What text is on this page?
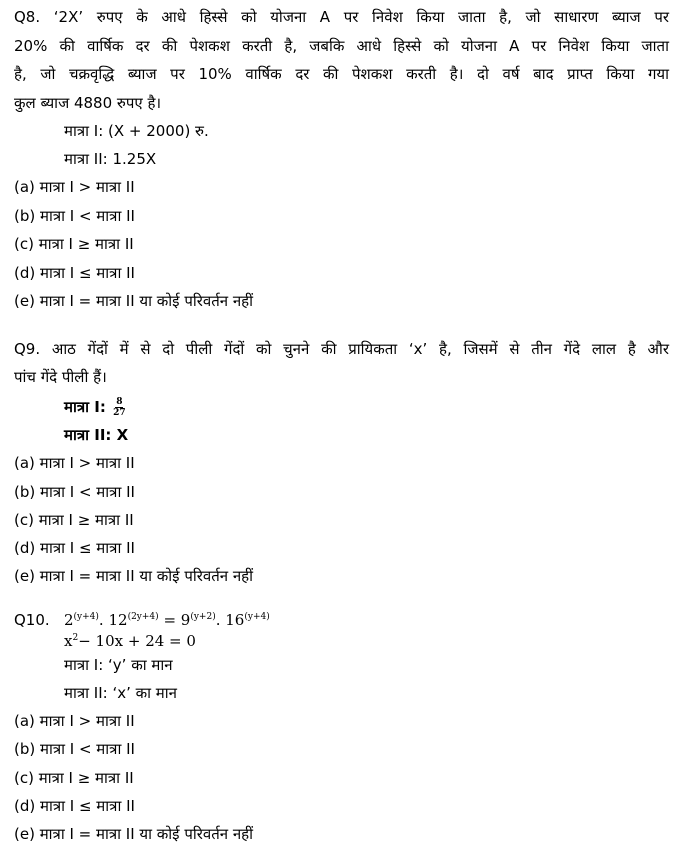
Q8. ‘2X’ रुपए के आधे हिस्से को योजना A पर निवेश किया जाता है, जो साधारण ब्याज पर
20% की वार्षिक दर की पेशकश करती है, जबकि आधे हिस्से को योजना A पर निवेश किया जाता
है, जो चक्रवृद्धि ब्याज पर 10% वार्षिक दर की पेशकश करती है। दो वर्ष बाद प्राप्त किया गया
कुल ब्याज 4880 रुपए है।
मात्रा I: (X + 2000) रु.
मात्रा II: 1.25X
(a) मात्रा I > मात्रा II
(b) मात्रा I < मात्रा II
(c) मात्रा I ≥ मात्रा II
(d) मात्रा I ≤ मात्रा II
(e) मात्रा I = मात्रा II या कोई परिवर्तन नहीं
Q9. आठ गेंदों में से दो पीली गेंदों को चुनने की प्रायिकता ‘x’ है, जिसमें से तीन गेंदे लाल है और
पांच गेंदे पीली हैं।
मात्रा I: $\frac{8}{27}$
मात्रा II: X
(a) मात्रा I > मात्रा II
(b) मात्रा I < मात्रा II
(c) मात्रा I ≥ मात्रा II
(d) मात्रा I ≤ मात्रा II
(e) मात्रा I = मात्रा II या कोई परिवर्तन नहीं
Q10. $2^{(y+4)}$. $12^{(2y+4)} = 9^{(y+2)}$. $16^{(y+4)}$
$x^2- 10x + 24 = 0$
मात्रा I: ‘y’ का मान
मात्रा II: ‘x’ का मान
(a) मात्रा I > मात्रा II
(b) मात्रा I < मात्रा II
(c) मात्रा I ≥ मात्रा II
(d) मात्रा I ≤ मात्रा II
(e) मात्रा I = मात्रा II या कोई परिवर्तन नहीं
